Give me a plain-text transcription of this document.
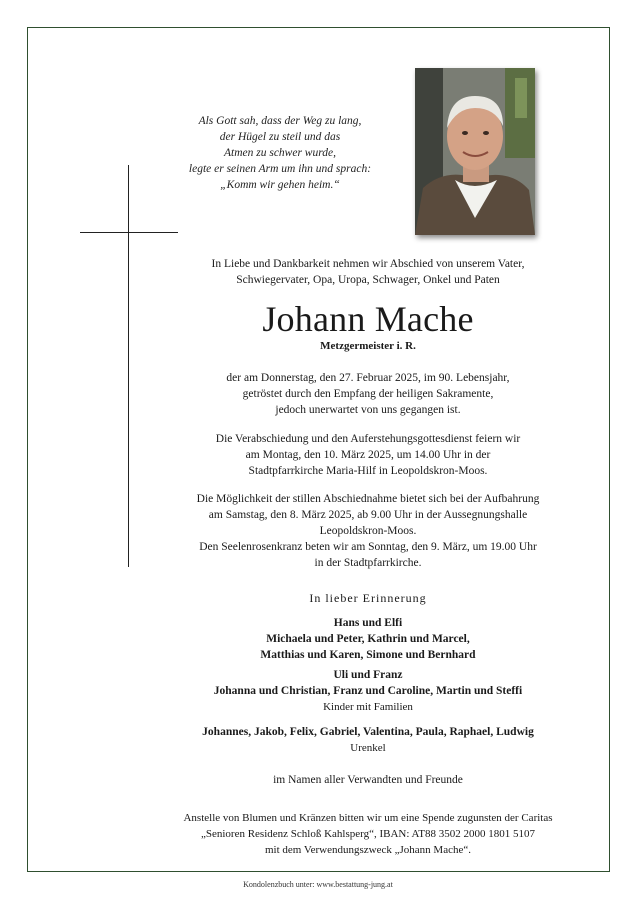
Als Gott sah, dass der Weg zu lang,
der Hügel zu steil und das
Atmen zu schwer wurde,
legte er seinen Arm um ihn und sprach:
„Komm wir gehen heim.“
In Liebe und Dankbarkeit nehmen wir Abschied von unserem Vater,
Schwiegervater, Opa, Uropa, Schwager, Onkel und Paten
Johann Mache
Metzgermeister i. R.
der am Donnerstag, den 27. Februar 2025, im 90. Lebensjahr,
getröstet durch den Empfang der heiligen Sakramente,
jedoch unerwartet von uns gegangen ist.
Die Verabschiedung und den Auferstehungsgottesdienst feiern wir
am Montag, den 10. März 2025, um 14.00 Uhr in der
Stadtpfarrkirche Maria-Hilf in Leopoldskron-Moos.
Die Möglichkeit der stillen Abschiednahme bietet sich bei der Aufbahrung
am Samstag, den 8. März 2025, ab 9.00 Uhr in der Aussegnungshalle
Leopoldskron-Moos.
Den Seelenrosenkranz beten wir am Sonntag, den 9. März, um 19.00 Uhr
in der Stadtpfarrkirche.
In lieber Erinnerung
Hans und Elfi
Michaela und Peter, Kathrin und Marcel,
Matthias und Karen, Simone und Bernhard
Uli und Franz
Johanna und Christian, Franz und Caroline, Martin und Steffi
Kinder mit Familien
Johannes, Jakob, Felix, Gabriel, Valentina, Paula, Raphael, Ludwig
Urenkel
im Namen aller Verwandten und Freunde
Anstelle von Blumen und Kränzen bitten wir um eine Spende zugunsten der Caritas
„Senioren Residenz Schloß Kahlsperg“, IBAN: AT88 3502 2000 1801 5107
mit dem Verwendungszweck „Johann Mache“.
Kondolenzbuch unter: www.bestattung-jung.at
